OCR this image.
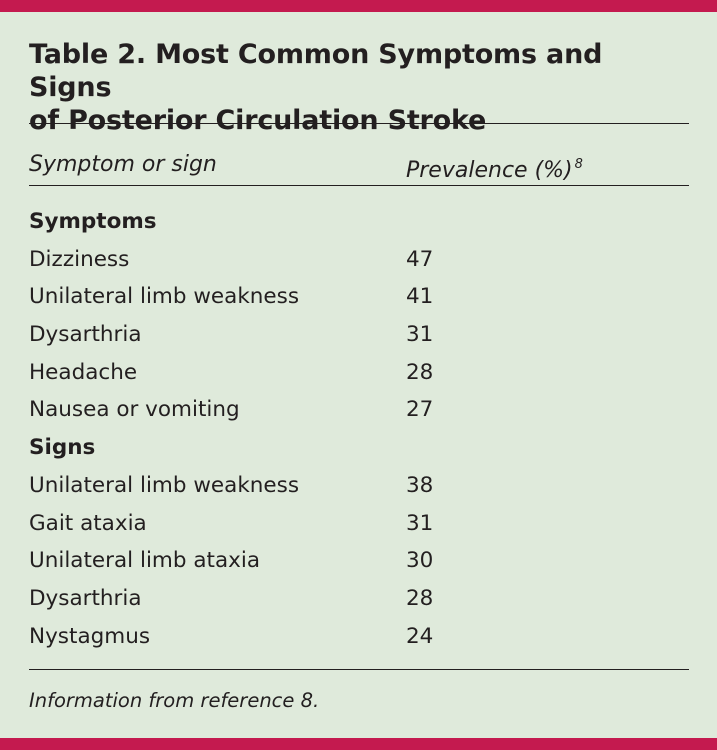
Table 2. Most Common Symptoms and Signs
of Posterior Circulation Stroke
Symptom or sign	Prevalence (%) $^8$
Symptoms
Dizziness	47
Unilateral limb weakness	41
Dysarthria	31
Headache	28
Nausea or vomiting	27
Signs
Unilateral limb weakness	38
Gait ataxia	31
Unilateral limb ataxia	30
Dysarthria	28
Nystagmus	24
Information from reference 8.
